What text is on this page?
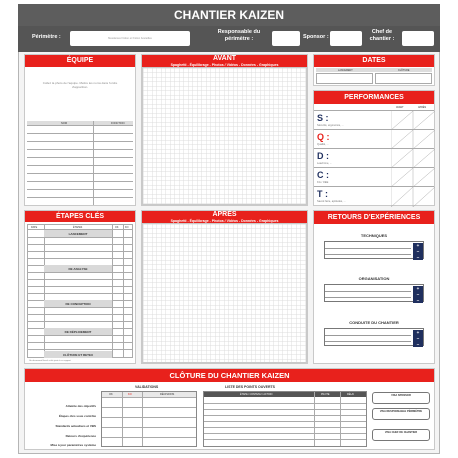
CHANTIER KAIZEN
Périmètre :	Mesdames finition et finition bouteilles
Responsable du périmètre :	Sponsor :
Chef de chantier :
ÉQUIPE
Collez la photo de l'équipe. Mettre les noms dans l'ordre d'apparition.
NOM	FONCTION
AVANT
Spaghetti - Équilibrage - Photos / Vidéos - Données - Graphiques
DATES
LANCEMENT	CLÔTURE
PERFORMANCES
AVANT	APRÈS
S :
Sécurité, ergonomie, ...
Q :
Qualité, ...
D :
Lead time, ...
C :
KG / OEE
T :
Savoir-faire, aptitudes, ...
ÉTAPES CLÉS
DATE	ÉTAPES	OK	KO
LANCEMENT
DE ANALYSE
DE CONCEPTION
DE DÉPLOIEMENT
CLÔTURE ET RETEX
Un document Excel a été joint à ce support
APRÈS
Spaghetti - Équilibrage - Photos / Vidéos - Données - Graphiques	RETOURS D'EXPÉRIENCES
TECHNIQUES
+
−
−
ORGANISATION
+
−
−
CONDUITE DU CHANTIER
+
−
−
CLÔTURE DU CHANTIER KAIZEN
VALIDATIONS
OK	KO	DÉCISIONS
Atteinte des objectifs
Étapes clés sous contrôle
Standards actualisés et VBS
Retours d'expérience
Mise à jour paramètres système
LISTE DES POINTS OUVERTS
ÉTAPE / CONTENU / ACTION	PILOTE	DÉLAI	VISA SPONSOR
VISA RESPONSABLE PÉRIMÈTRE
VISA CHEF DE CHANTIER
